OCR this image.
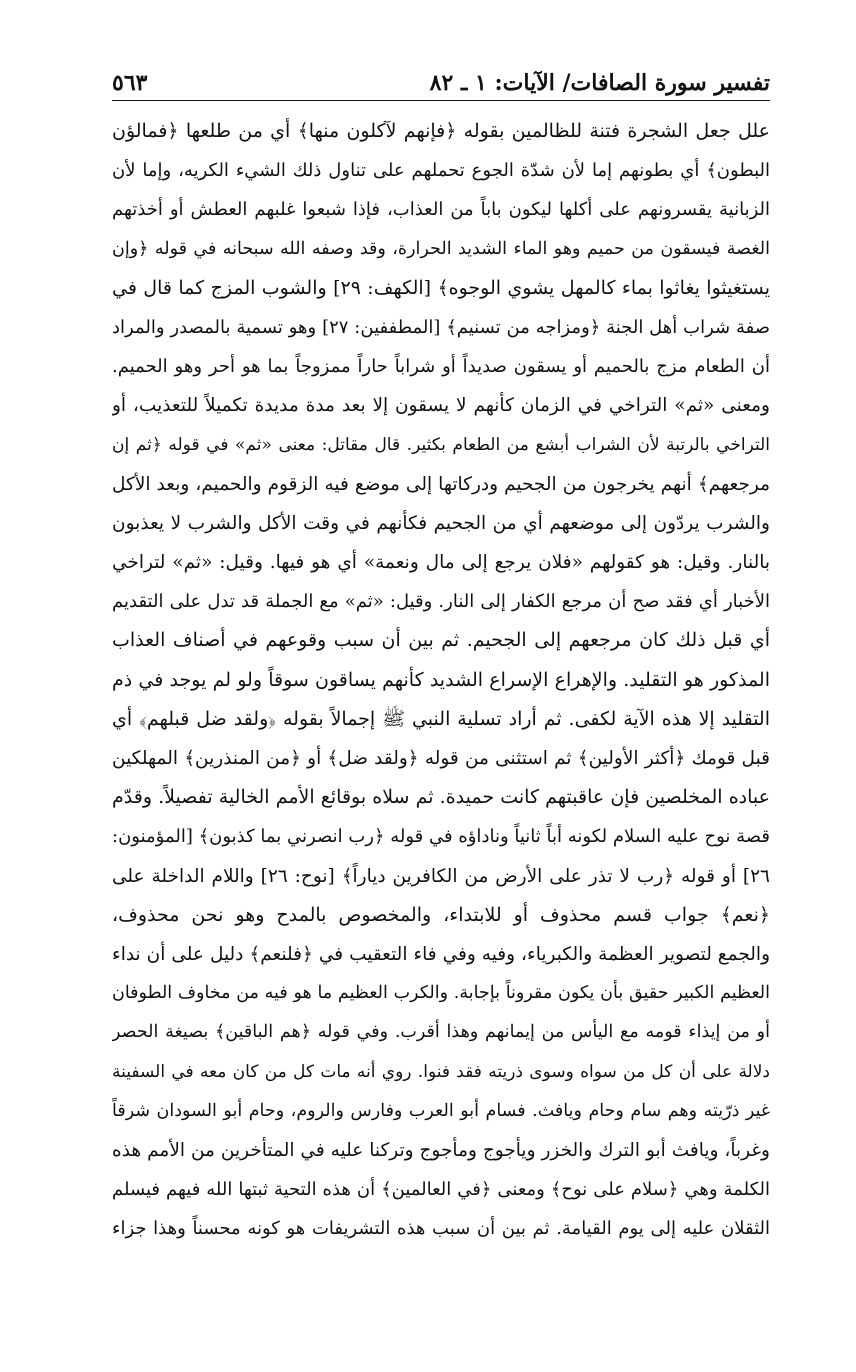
تفسير سورة الصافات/ الآيات: ١ ـ ٨٢
٥٦٣
علل جعل الشجرة فتنة للظالمين بقوله ﴿فإنهم لآكلون منها﴾ أي من طلعها ﴿فمالؤن
البطون﴾ أي بطونهم إما لأن شدّة الجوع تحملهم على تناول ذلك الشيء الكريه، وإما لأن
الزبانية يقسرونهم على أكلها ليكون باباً من العذاب، فإذا شبعوا غلبهم العطش أو أخذتهم
الغصة فيسقون من حميم وهو الماء الشديد الحرارة، وقد وصفه الله سبحانه في قوله ﴿وإن
يستغيثوا يغاثوا بماء كالمهل يشوي الوجوه﴾ [الكهف: ٢٩] والشوب المزج كما قال في
صفة شراب أهل الجنة ﴿ومزاجه من تسنيم﴾ [المطففين: ٢٧] وهو تسمية بالمصدر والمراد
أن الطعام مزج بالحميم أو يسقون صديداً أو شراباً حاراً ممزوجاً بما هو أحر وهو الحميم.
ومعنى «ثم» التراخي في الزمان كأنهم لا يسقون إلا بعد مدة مديدة تكميلاً للتعذيب، أو
التراخي بالرتبة لأن الشراب أبشع من الطعام بكثير. قال مقاتل: معنى «ثم» في قوله ﴿ثم إن
مرجعهم﴾ أنهم يخرجون من الجحيم ودركاتها إلى موضع فيه الزقوم والحميم، وبعد الأكل
والشرب يردّون إلى موضعهم أي من الجحيم فكأنهم في وقت الأكل والشرب لا يعذبون
بالنار. وقيل: هو كقولهم «فلان يرجع إلى مال ونعمة» أي هو فيها. وقيل: «ثم» لتراخي
الأخبار أي فقد صح أن مرجع الكفار إلى النار. وقيل: «ثم» مع الجملة قد تدل على التقديم
أي قبل ذلك كان مرجعهم إلى الجحيم. ثم بين أن سبب وقوعهم في أصناف العذاب
المذكور هو التقليد. والإهراع الإسراع الشديد كأنهم يساقون سوقاً ولو لم يوجد في ذم
التقليد إلا هذه الآية لكفى. ثم أراد تسلية النبي ﷺ إجمالاً بقوله ﴿ولقد ضل قبلهم﴾ أي
قبل قومك ﴿أكثر الأولين﴾ ثم استثنى من قوله ﴿ولقد ضل﴾ أو ﴿من المنذرين﴾ المهلكين
عباده المخلصين فإن عاقبتهم كانت حميدة. ثم سلاه بوقائع الأمم الخالية تفصيلاً. وقدّم
قصة نوح عليه السلام لكونه أباً ثانياً وناداؤه في قوله ﴿رب انصرني بما كذبون﴾ [المؤمنون:
٢٦] أو قوله ﴿رب لا تذر على الأرض من الكافرين دياراً﴾ [نوح: ٢٦] واللام الداخلة على
﴿نعم﴾ جواب قسم محذوف أو للابتداء، والمخصوص بالمدح وهو نحن محذوف،
والجمع لتصوير العظمة والكبرياء، وفيه وفي فاء التعقيب في ﴿فلنعم﴾ دليل على أن نداء
العظيم الكبير حقيق بأن يكون مقروناً بإجابة. والكرب العظيم ما هو فيه من مخاوف الطوفان
أو من إيذاء قومه مع اليأس من إيمانهم وهذا أقرب. وفي قوله ﴿هم الباقين﴾ بصيغة الحصر
دلالة على أن كل من سواه وسوى ذريته فقد فنوا. روي أنه مات كل من كان معه في السفينة
غير ذرّيته وهم سام وحام ويافث. فسام أبو العرب وفارس والروم، وحام أبو السودان شرقاً
وغرباً، ويافث أبو الترك والخزر ويأجوج ومأجوج وتركنا عليه في المتأخرين من الأمم هذه
الكلمة وهي ﴿سلام على نوح﴾ ومعنى ﴿في العالمين﴾ أن هذه التحية ثبتها الله فيهم فيسلم
الثقلان عليه إلى يوم القيامة. ثم بين أن سبب هذه التشريفات هو كونه محسناً وهذا جزاء
